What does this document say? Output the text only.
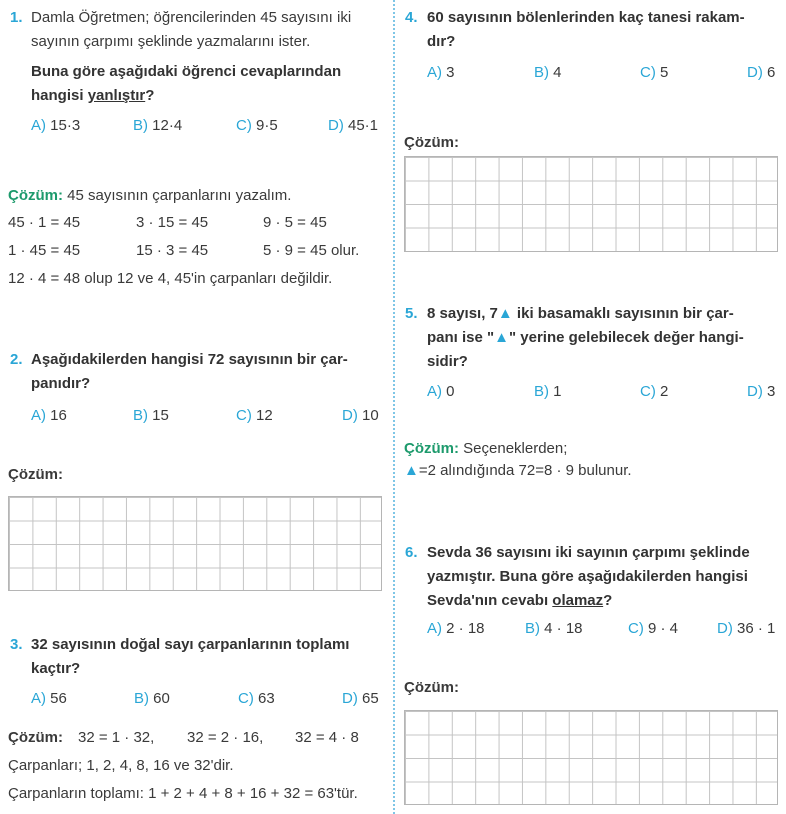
1. Damla Öğretmen; öğrencilerinden 45 sayısını iki
sayının çarpımı şeklinde yazmalarını ister.
Buna göre aşağıdaki öğrenci cevaplarından
hangisi yanlıştır?
A) 15·3	B) 12·4	C) 9·5	D) 45·1
Çözüm: 45 sayısının çarpanlarını yazalım.
45 · 1 = 45	3 · 15 = 45	9 · 5 = 45
1 · 45 = 45	15 · 3 = 45	5 · 9 = 45 olur.
12 · 4 = 48 olup 12 ve 4, 45'in çarpanları değildir.
2. Aşağıdakilerden hangisi 72 sayısının bir çar-
panıdır?
A) 16	B) 15	C) 12	D) 10
Çözüm:
3. 32 sayısının doğal sayı çarpanlarının toplamı
kaçtır?
A) 56	B) 60	C) 63	D) 65
Çözüm: 32 = 1 · 32, 32 = 2 · 16, 32 = 4 · 8
Çarpanları; 1, 2, 4, 8, 16 ve 32'dir.
Çarpanların toplamı: 1 + 2 + 4 + 8 + 16 + 32 = 63'tür.
4. 60 sayısının bölenlerinden kaç tanesi rakam-
dır?
A) 3	B) 4	C) 5	D) 6
Çözüm:
5. 8 sayısı, 7▲ iki basamaklı sayısının bir çar-
panı ise "▲" yerine gelebilecek değer hangi-
sidir?
A) 0	B) 1	C) 2	D) 3
Çözüm: Seçeneklerden;
▲=2 alındığında 72=8 · 9 bulunur.
6. Sevda 36 sayısını iki sayının çarpımı şeklinde
yazmıştır. Buna göre aşağıdakilerden hangisi
Sevda'nın cevabı olamaz?
A) 2 · 18	B) 4 · 18	C) 9 · 4	D) 36 · 1
Çözüm:
